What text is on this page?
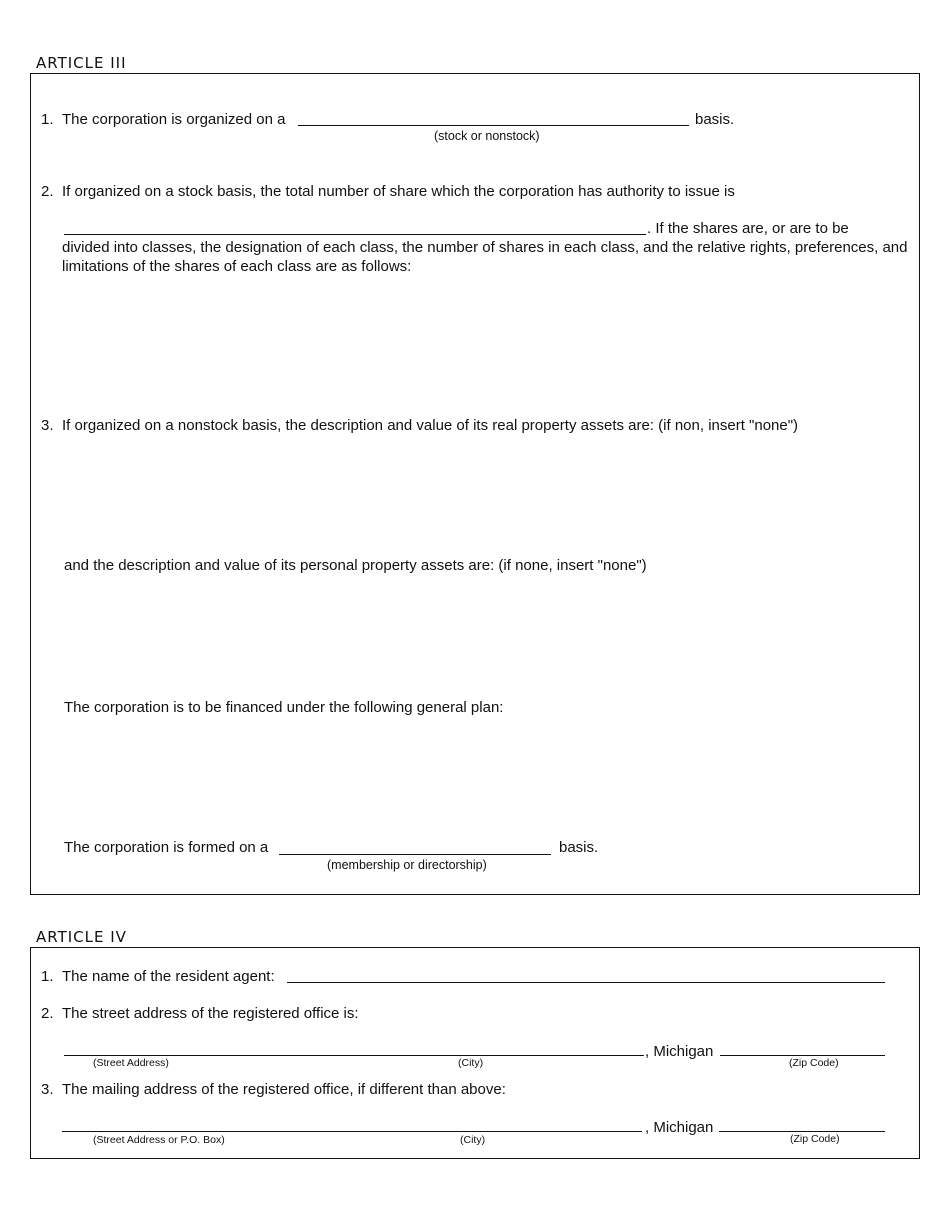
ARTICLE III
1. The corporation is organized on a	basis.
(stock or nonstock)
2. If organized on a stock basis, the total number of share which the corporation has authority to issue is
. If the shares are, or are to be
divided into classes, the designation of each class, the number of shares in each class, and the relative rights, preferences, and limitations of the shares of each class are as follows:
3. If organized on a nonstock basis, the description and value of its real property assets are: (if non, insert "none")
and the description and value of its personal property assets are: (if none, insert "none")
The corporation is to be financed under the following general plan:
The corporation is formed on a	basis.
(membership or directorship)
ARTICLE IV
1. The name of the resident agent:
2. The street address of the registered office is:
, Michigan
(Street Address)	(City)	(Zip Code)
3. The mailing address of the registered office, if different than above:
, Michigan
(Street Address or P.O. Box)	(City)	(Zip Code)
